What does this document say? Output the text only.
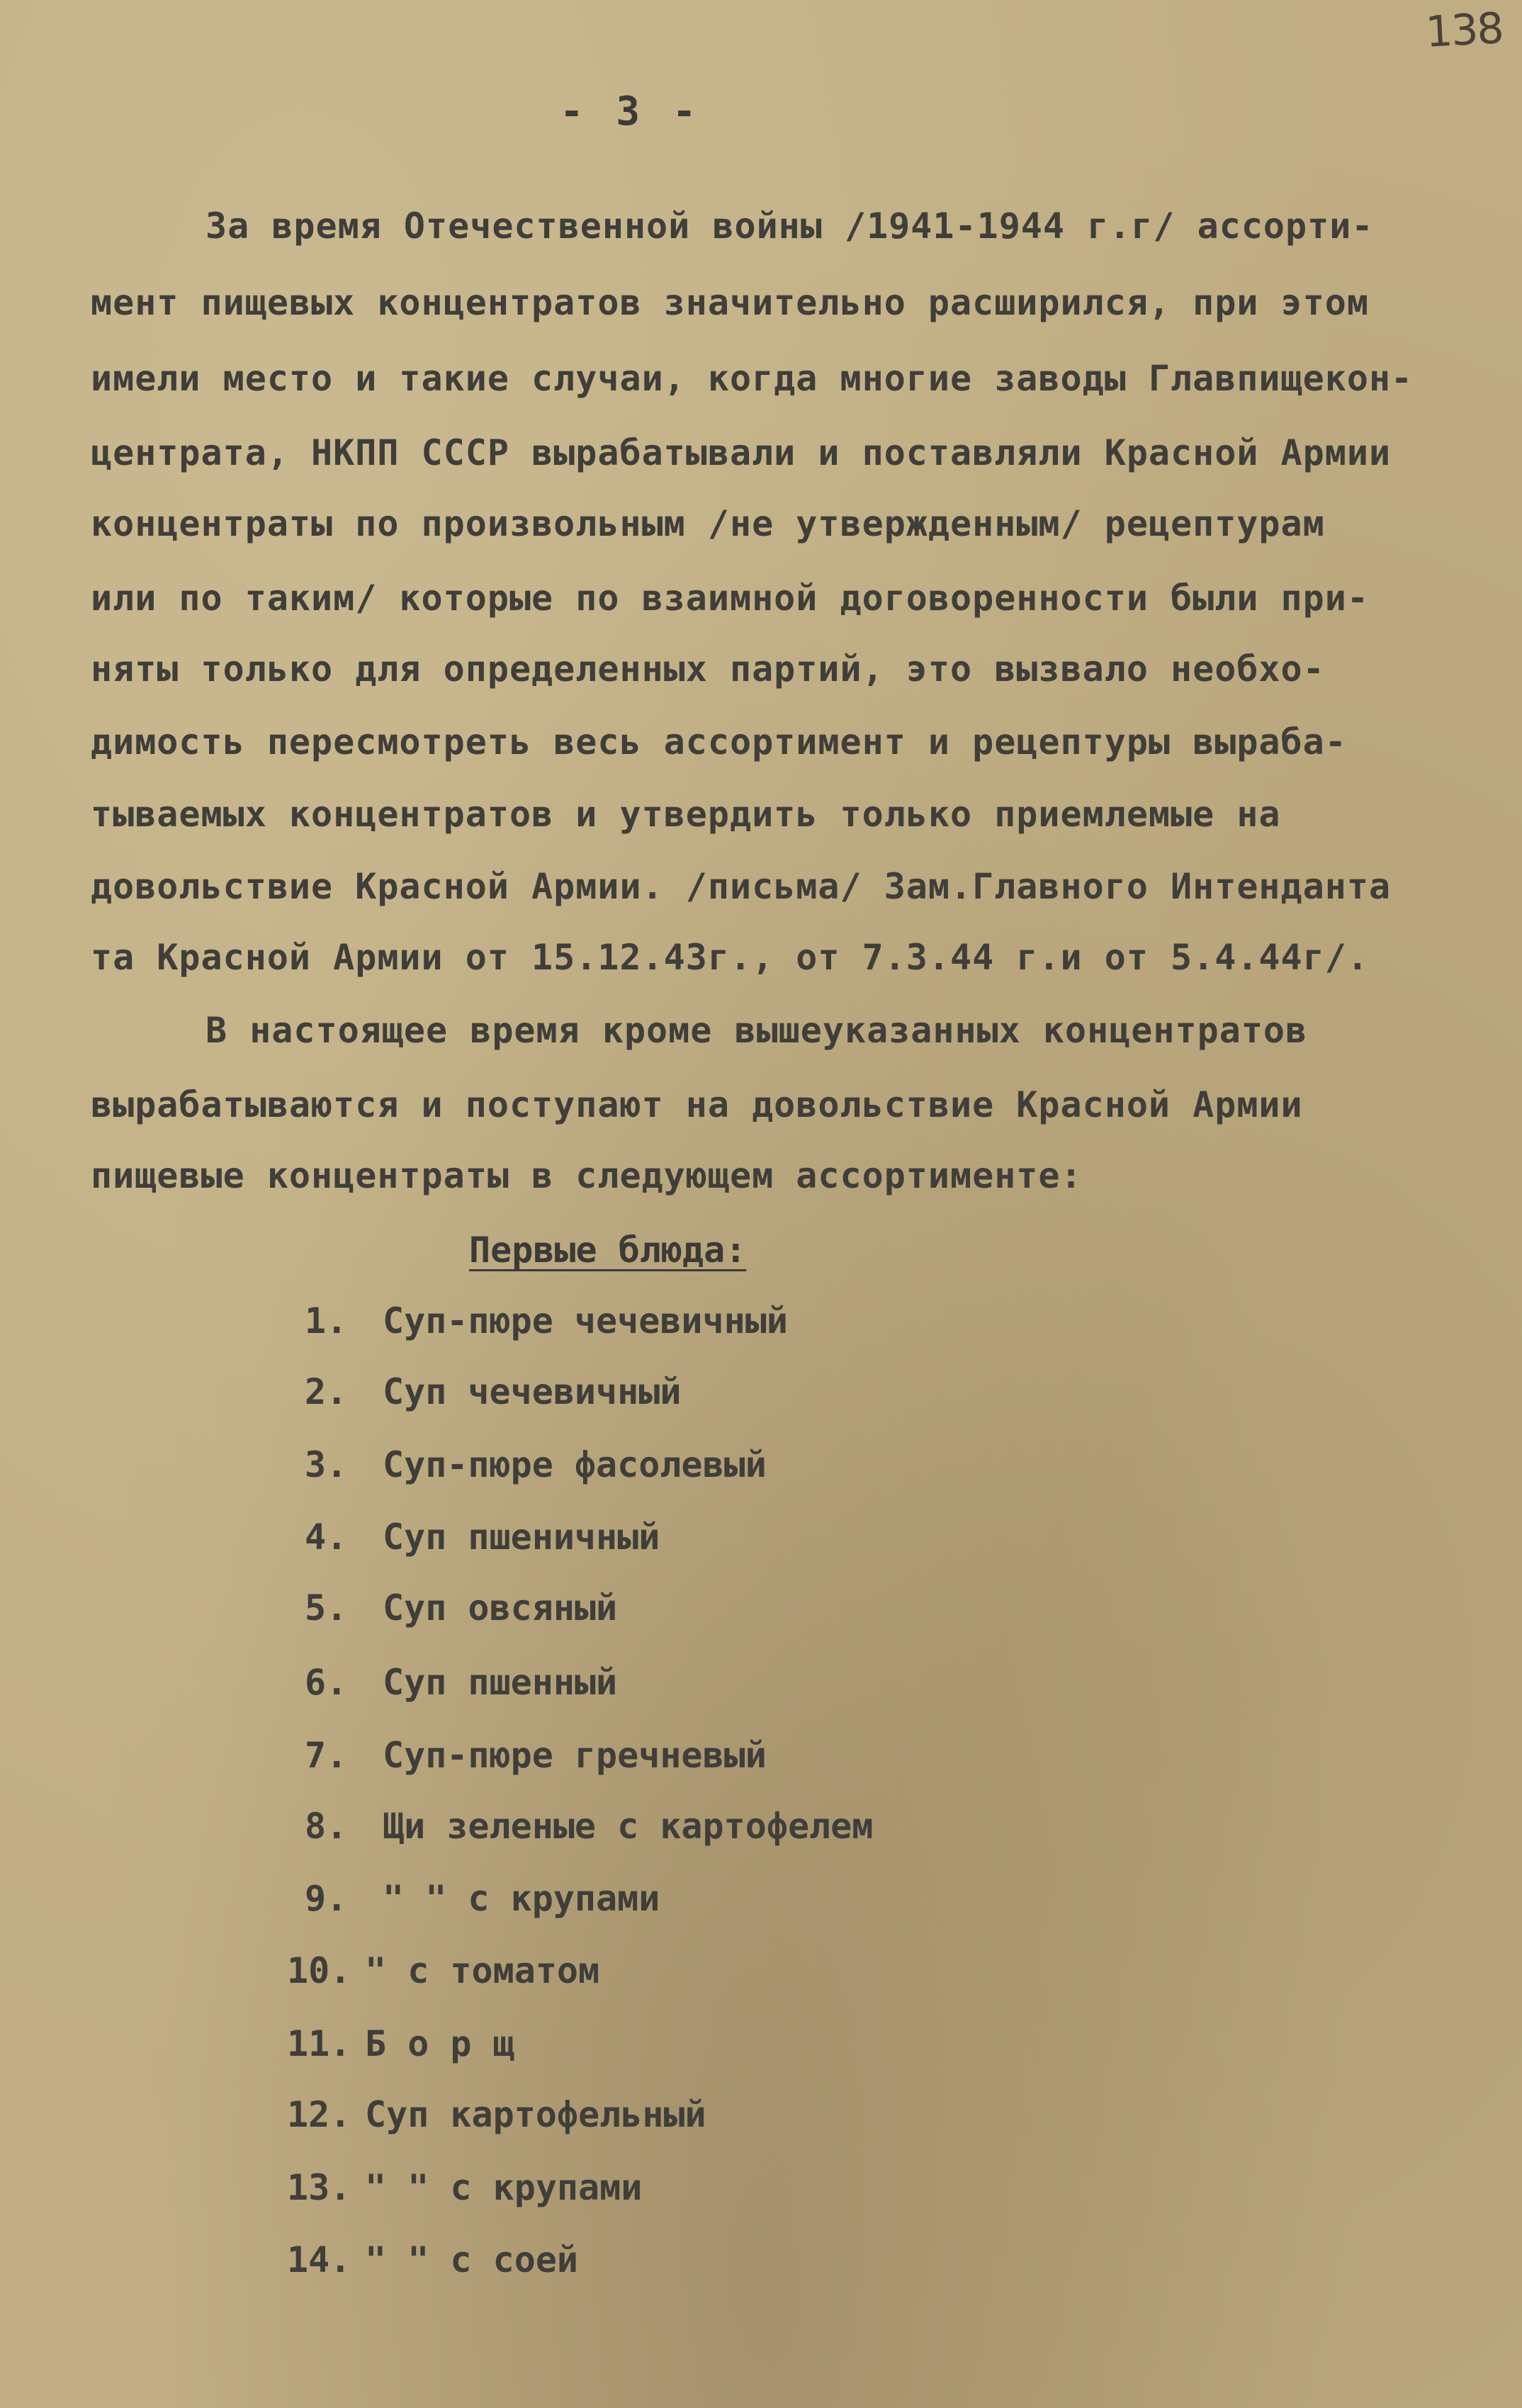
138
- 3 -
За время Отечественной войны /1941-1944 г.г/ ассорти-
мент пищевых концентратов значительно расширился, при этом
имели место и такие случаи, когда многие заводы Главпищекон-
центрата, НКПП СССР вырабатывали и поставляли Красной Армии
концентраты по произвольным /не утвержденным/ рецептурам
или по таким/ которые по взаимной договоренности были при-
няты только для определенных партий, это вызвало необхо-
димость пересмотреть весь ассортимент и рецептуры выраба-
тываемых концентратов и утвердить только приемлемые на
довольствие Красной Армии. /письма/ Зам.Главного Интенданта
та Красной Армии от 15.12.43г., от 7.3.44 г.и от 5.4.44г/.
В настоящее время кроме вышеуказанных концентратов
вырабатываются и поступают на довольствие Красной Армии
пищевые концентраты в следующем ассортименте:
Первые блюда:
1. Суп-пюре чечевичный
2. Суп чечевичный
3. Суп-пюре фасолевый
4. Суп пшеничный
5. Суп овсяный
6. Суп пшенный
7. Суп-пюре гречневый
8. Щи зеленые с картофелем
9. " " с крупами
10. " с томатом
11. Б о р щ
12. Суп картофельный
13. " " с крупами
14. " " с соей
